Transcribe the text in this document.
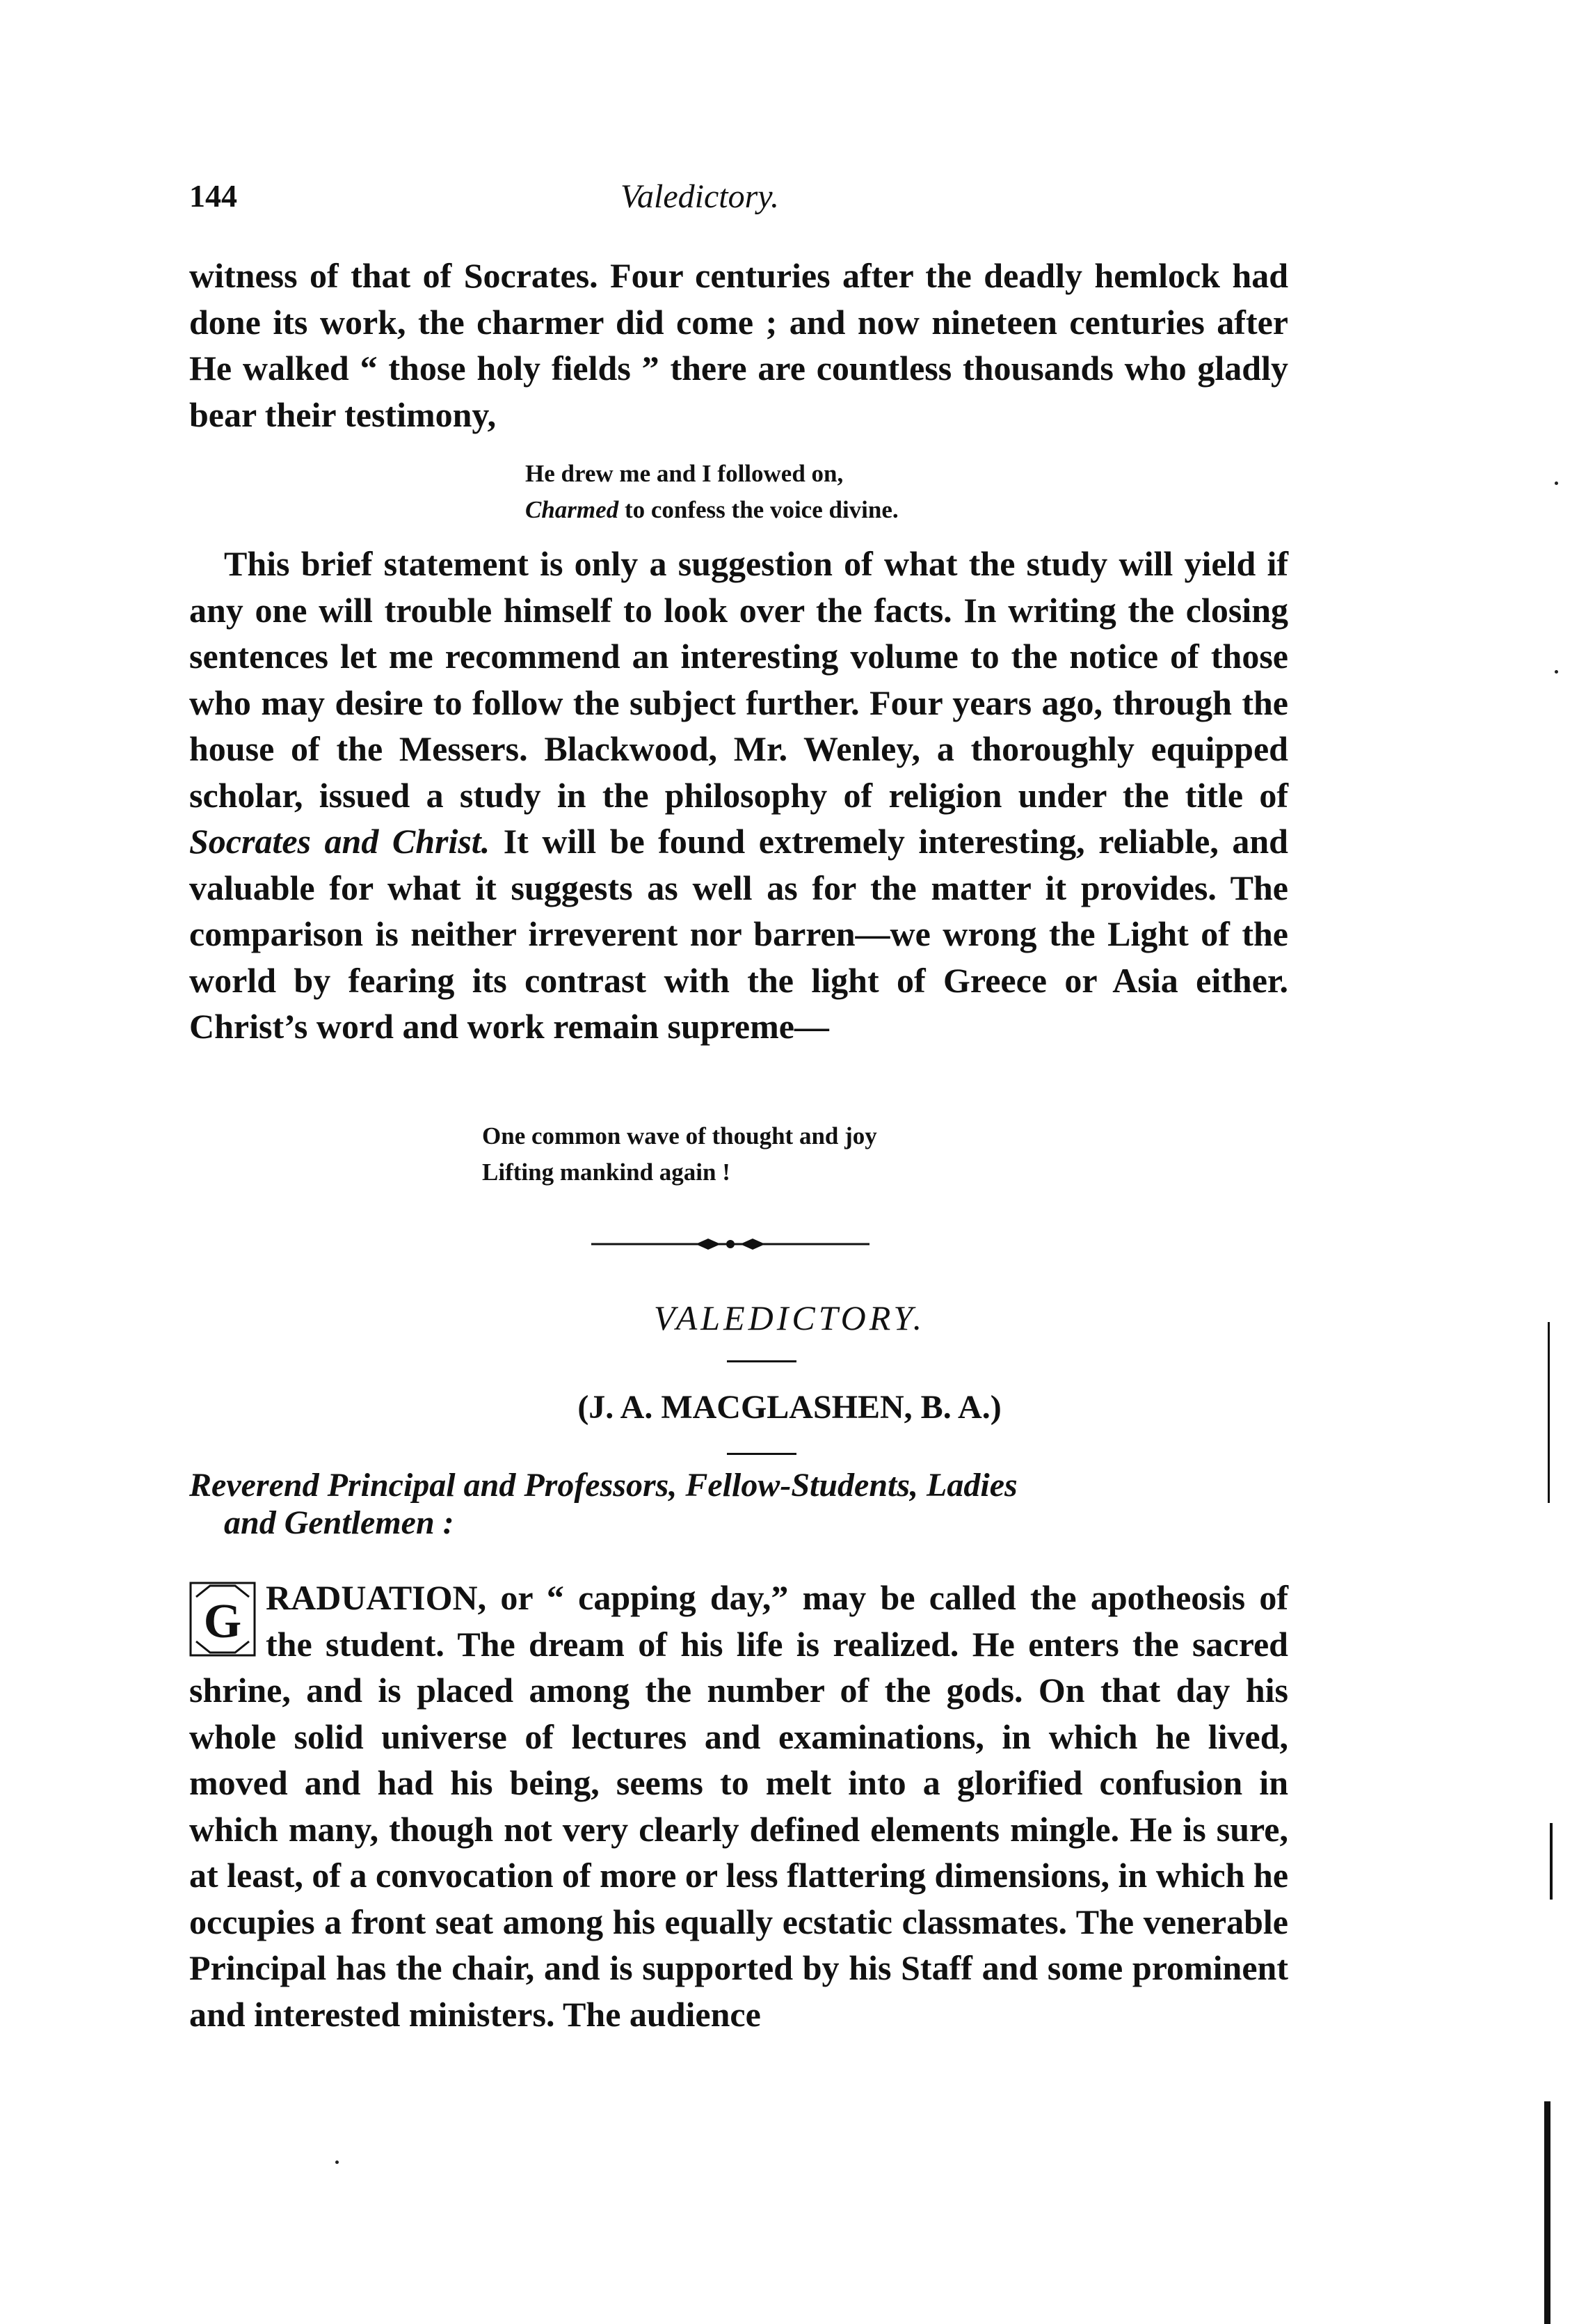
144	Valedictory.

witness of that of Socrates. Four centuries after the deadly hemlock had done its work, the charmer did come ; and now nineteen centuries after He walked “ those holy fields ” there are countless thousands who gladly bear their testimony,

He drew me and I followed on,
Charmed to confess the voice divine.

This brief statement is only a suggestion of what the study will yield if any one will trouble himself to look over the facts. In writing the closing sentences let me recommend an interesting volume to the notice of those who may desire to follow the subject further. Four years ago, through the house of the Messers. Blackwood, Mr. Wenley, a thoroughly equipped scholar, issued a study in the philosophy of religion under the title of Socrates and Christ. It will be found extremely interesting, reliable, and valuable for what it suggests as well as for the matter it provides. The comparison is neither irreverent nor barren—we wrong the Light of the world by fearing its contrast with the light of Greece or Asia either. Christ’s word and work remain supreme—

One common wave of thought and joy
Lifting mankind again !
VALEDICTORY.
(J. A. MACGLASHEN, B. A.)
Reverend Principal and Professors, Fellow-Students, Ladies
and Gentlemen :

G RADUATION, or “ capping day,” may be called the apotheosis of the student. The dream of his life is realized. He enters the sacred shrine, and is placed among the number of the gods. On that day his whole solid universe of lectures and examinations, in which he lived, moved and had his being, seems to melt into a glorified confusion in which many, though not very clearly defined elements mingle. He is sure, at least, of a convocation of more or less flattering dimensions, in which he occupies a front seat among his equally ecstatic classmates. The venerable Principal has the chair, and is supported by his Staff and some prominent and interested ministers. The audience
